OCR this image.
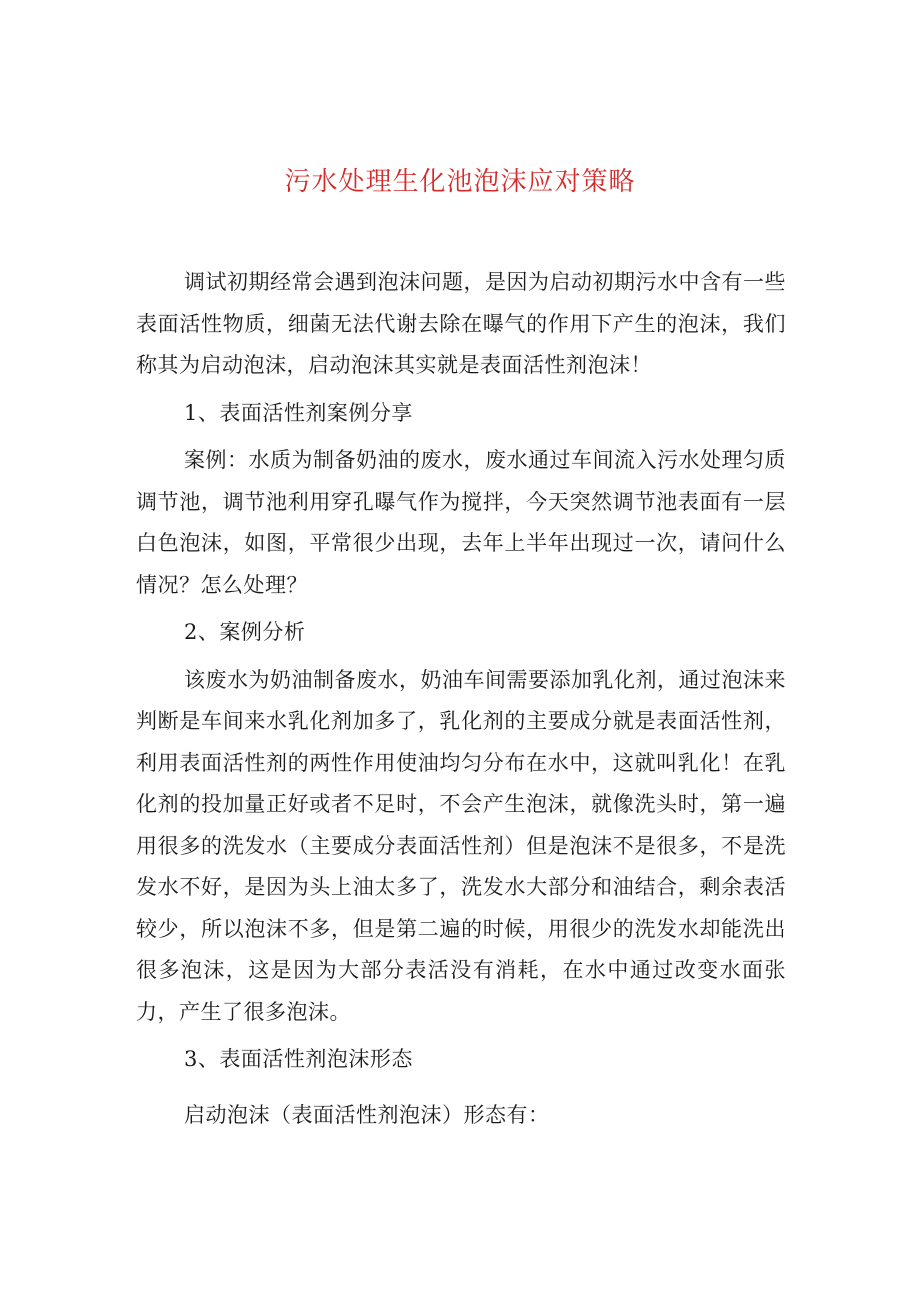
污水处理生化池泡沫应对策略

调试初期经常会遇到泡沫问题，是因为启动初期污水中含有一些表面活性物质，细菌无法代谢去除在曝气的作用下产生的泡沫，我们称其为启动泡沫，启动泡沫其实就是表面活性剂泡沫！

1、表面活性剂案例分享

案例：水质为制备奶油的废水，废水通过车间流入污水处理匀质调节池，调节池利用穿孔曝气作为搅拌，今天突然调节池表面有一层白色泡沫，如图，平常很少出现，去年上半年出现过一次，请问什么情况？怎么处理？

2、案例分析

该废水为奶油制备废水，奶油车间需要添加乳化剂，通过泡沫来判断是车间来水乳化剂加多了，乳化剂的主要成分就是表面活性剂，利用表面活性剂的两性作用使油均匀分布在水中，这就叫乳化！在乳化剂的投加量正好或者不足时，不会产生泡沫，就像洗头时，第一遍用很多的洗发水（主要成分表面活性剂）但是泡沫不是很多，不是洗发水不好，是因为头上油太多了，洗发水大部分和油结合，剩余表活较少，所以泡沫不多，但是第二遍的时候，用很少的洗发水却能洗出很多泡沫，这是因为大部分表活没有消耗，在水中通过改变水面张力，产生了很多泡沫。

3、表面活性剂泡沫形态

启动泡沫（表面活性剂泡沫）形态有：
